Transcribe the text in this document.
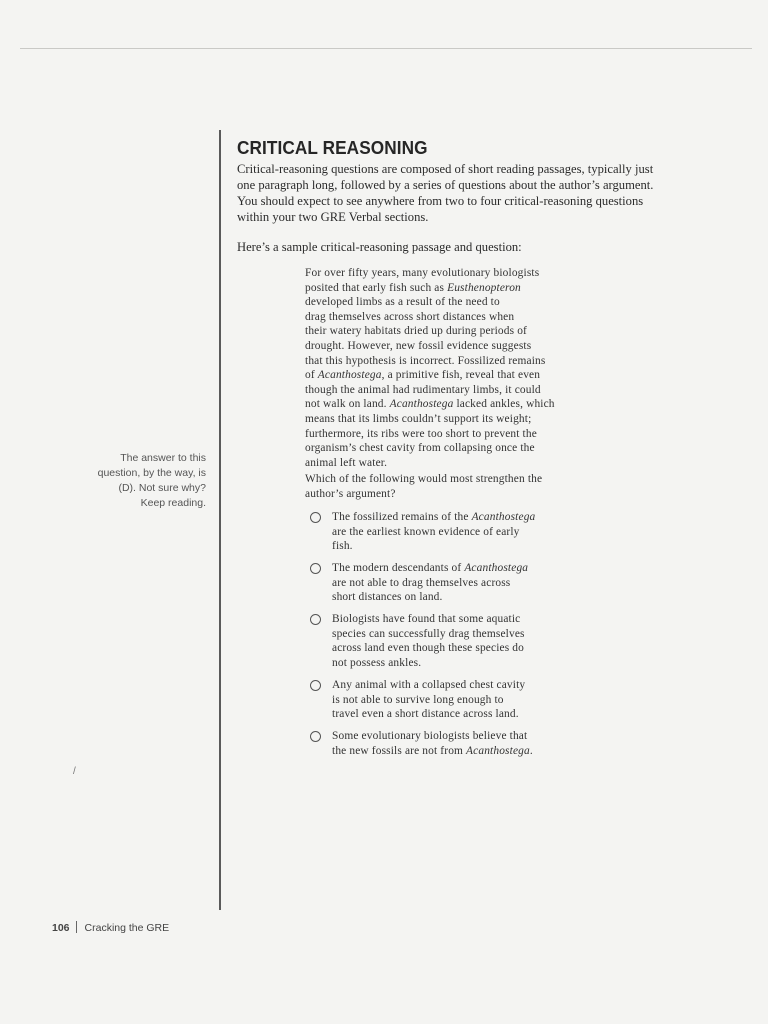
The answer to this
question, by the way, is
(D). Not sure why?
Keep reading.
/
CRITICAL REASONING

Critical-reasoning questions are composed of short reading passages, typically just
one paragraph long, followed by a series of questions about the author’s argument.
You should expect to see anywhere from two to four critical-reasoning questions
within your two GRE Verbal sections.

Here’s a sample critical-reasoning passage and question:

For over fifty years, many evolutionary biologists
posited that early fish such as Eusthenopteron
developed limbs as a result of the need to
drag themselves across short distances when
their watery habitats dried up during periods of
drought. However, new fossil evidence suggests
that this hypothesis is incorrect. Fossilized remains
of Acanthostega, a primitive fish, reveal that even
though the animal had rudimentary limbs, it could
not walk on land. Acanthostega lacked ankles, which
means that its limbs couldn’t support its weight;
furthermore, its ribs were too short to prevent the
organism’s chest cavity from collapsing once the
animal left water.

Which of the following would most strengthen the
author’s argument?

The fossilized remains of the Acanthostega
are the earliest known evidence of early
fish.
The modern descendants of Acanthostega
are not able to drag themselves across
short distances on land.
Biologists have found that some aquatic
species can successfully drag themselves
across land even though these species do
not possess ankles.
Any animal with a collapsed chest cavity
is not able to survive long enough to
travel even a short distance across land.
Some evolutionary biologists believe that
the new fossils are not from Acanthostega.
106 Cracking the GRE
